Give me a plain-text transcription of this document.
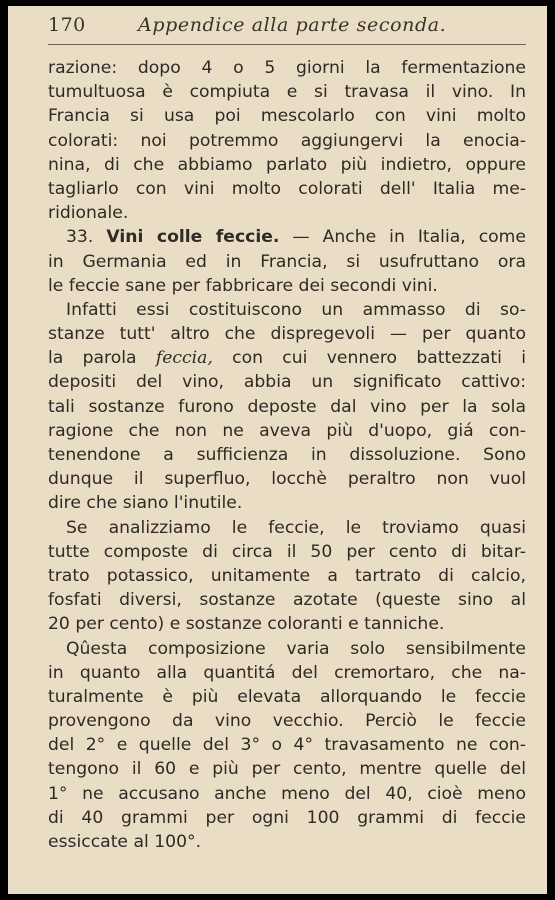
170	Appendice alla parte seconda.
razione: dopo 4 o 5 giorni la fermentazione
tumultuosa è compiuta e si travasa il vino. In
Francia si usa poi mescolarlo con vini molto
colorati: noi potremmo aggiungervi la enocia-
nina, di che abbiamo parlato più indietro, oppure
tagliarlo con vini molto colorati dell' Italia me-
ridionale.
33. Vini colle feccie. — Anche in Italia, come
in Germania ed in Francia, si usufruttano ora
le feccie sane per fabbricare dei secondi vini.
Infatti essi costituiscono un ammasso di so-
stanze tutt' altro che dispregevoli — per quanto
la parola feccia, con cui vennero battezzati i
depositi del vino, abbia un significato cattivo:
tali sostanze furono deposte dal vino per la sola
ragione che non ne aveva più d'uopo, giá con-
tenendone a sufficienza in dissoluzione. Sono
dunque il superfluo, locchè peraltro non vuol
dire che siano l'inutile.
Se analizziamo le feccie, le troviamo quasi
tutte composte di circa il 50 per cento di bitar-
trato potassico, unitamente a tartrato di calcio,
fosfati diversi, sostanze azotate (queste sino al
20 per cento) e sostanze coloranti e tanniche.
Qûesta composizione varia solo sensibilmente
in quanto alla quantitá del cremortaro, che na-
turalmente è più elevata allorquando le feccie
provengono da vino vecchio. Perciò le feccie
del 2° e quelle del 3° o 4° travasamento ne con-
tengono il 60 e più per cento, mentre quelle del
1° ne accusano anche meno del 40, cioè meno
di 40 grammi per ogni 100 grammi di feccie
essiccate al 100°.
